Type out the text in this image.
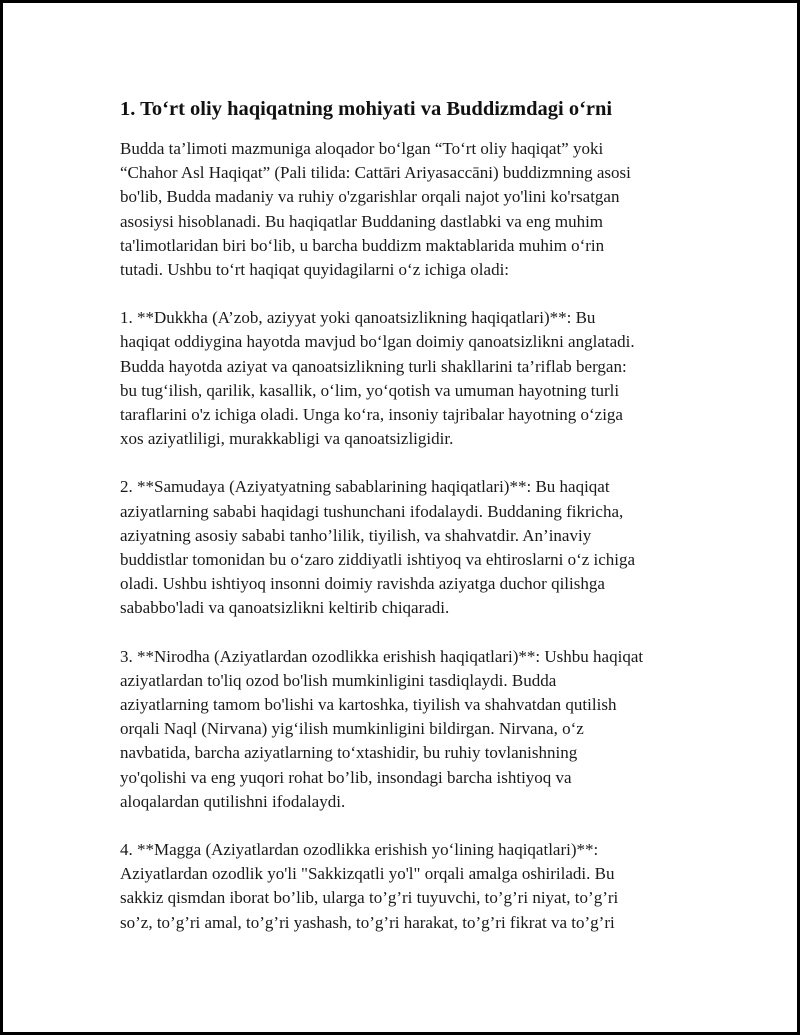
1. To‘rt oliy haqiqatning mohiyati va Buddizmdagi o‘rni

Budda ta’limoti mazmuniga aloqador bo‘lgan “To‘rt oliy haqiqat” yoki
“Chahor Asl Haqiqat” (Pali tilida: Cattāri Ariyasaccāni) buddizmning asosi
bo'lib, Budda madaniy va ruhiy o'zgarishlar orqali najot yo'lini ko'rsatgan
asosiysi hisoblanadi. Bu haqiqatlar Buddaning dastlabki va eng muhim
ta'limotlaridan biri bo‘lib, u barcha buddizm maktablarida muhim o‘rin
tutadi. Ushbu to‘rt haqiqat quyidagilarni o‘z ichiga oladi:

1. **Dukkha (A’zob, aziyyat yoki qanoatsizlikning haqiqatlari)**: Bu
haqiqat oddiygina hayotda mavjud bo‘lgan doimiy qanoatsizlikni anglatadi.
Budda hayotda aziyat va qanoatsizlikning turli shakllarini ta’riflab bergan:
bu tug‘ilish, qarilik, kasallik, o‘lim, yo‘qotish va umuman hayotning turli
taraflarini o'z ichiga oladi. Unga ko‘ra, insoniy tajribalar hayotning o‘ziga
xos aziyatliligi, murakkabligi va qanoatsizligidir.

2. **Samudaya (Aziyatyatning sabablarining haqiqatlari)**: Bu haqiqat
aziyatlarning sababi haqidagi tushunchani ifodalaydi. Buddaning fikricha,
aziyatning asosiy sababi tanho’lilik, tiyilish, va shahvatdir. An’inaviy
buddistlar tomonidan bu o‘zaro ziddiyatli ishtiyoq va ehtiroslarni o‘z ichiga
oladi. Ushbu ishtiyoq insonni doimiy ravishda aziyatga duchor qilishga
sababbo'ladi va qanoatsizlikni keltirib chiqaradi.

3. **Nirodha (Aziyatlardan ozodlikka erishish haqiqatlari)**: Ushbu haqiqat
aziyatlardan to'liq ozod bo'lish mumkinligini tasdiqlaydi. Budda
aziyatlarning tamom bo'lishi va kartoshka, tiyilish va shahvatdan qutilish
orqali Naql (Nirvana) yig‘ilish mumkinligini bildirgan. Nirvana, o‘z
navbatida, barcha aziyatlarning to‘xtashidir, bu ruhiy tovlanishning
yo'qolishi va eng yuqori rohat bo’lib, insondagi barcha ishtiyoq va
aloqalardan qutilishni ifodalaydi.

4. **Magga (Aziyatlardan ozodlikka erishish yo‘lining haqiqatlari)**:
Aziyatlardan ozodlik yo'li "Sakkizqatli yo'l" orqali amalga oshiriladi. Bu
sakkiz qismdan iborat bo’lib, ularga to’g’ri tuyuvchi, to’g’ri niyat, to’g’ri
so’z, to’g’ri amal, to’g’ri yashash, to’g’ri harakat, to’g’ri fikrat va to’g’ri
